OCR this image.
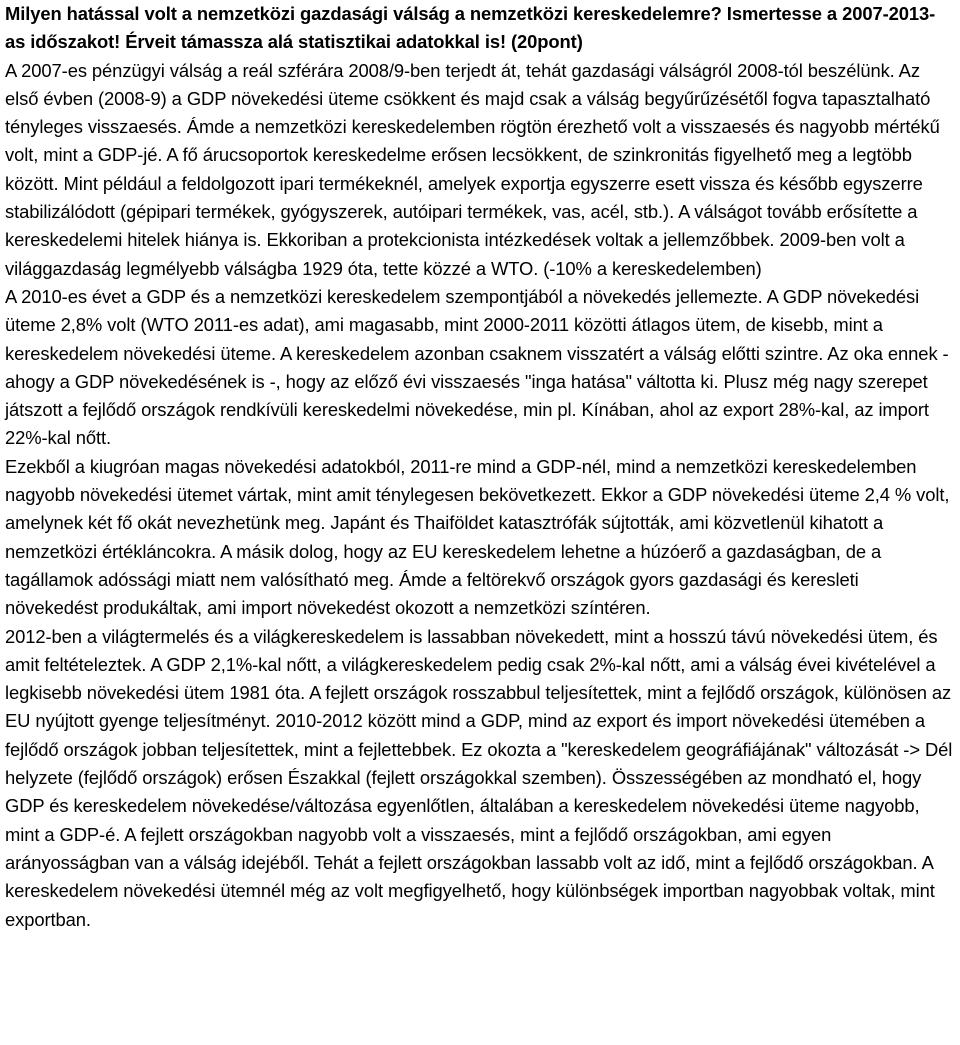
Milyen hatással volt a nemzetközi gazdasági válság a nemzetközi kereskedelemre? Ismertesse a 2007-2013-as időszakot! Érveit támassza alá statisztikai adatokkal is! (20pont)

A 2007-es pénzügyi válság a reál szférára 2008/9-ben terjedt át, tehát gazdasági válságról 2008-tól beszélünk. Az első évben (2008-9) a GDP növekedési üteme csökkent és majd csak a válság begyűrűzésétől fogva tapasztalható tényleges visszaesés. Ámde a nemzetközi kereskedelemben rögtön érezhető volt a visszaesés és nagyobb mértékű volt, mint a GDP-jé. A fő árucsoportok kereskedelme erősen lecsökkent, de szinkronitás figyelhető meg a legtöbb között. Mint például a feldolgozott ipari termékeknél, amelyek exportja egyszerre esett vissza és később egyszerre stabilizálódott (gépipari termékek, gyógyszerek, autóipari termékek, vas, acél, stb.). A válságot tovább erősítette a kereskedelemi hitelek hiánya is. Ekkoriban a protekcionista intézkedések voltak a jellemzőbbek. 2009-ben volt a világgazdaság legmélyebb válságba 1929 óta, tette közzé a WTO. (-10% a kereskedelemben)

A 2010-es évet a GDP és a nemzetközi kereskedelem szempontjából a növekedés jellemezte. A GDP növekedési üteme 2,8% volt (WTO 2011-es adat), ami magasabb, mint 2000-2011 közötti átlagos ütem, de kisebb, mint a kereskedelem növekedési üteme. A kereskedelem azonban csaknem visszatért a válság előtti szintre. Az oka ennek - ahogy a GDP növekedésének is -, hogy az előző évi visszaesés "inga hatása" váltotta ki. Plusz még nagy szerepet játszott a fejlődő országok rendkívüli kereskedelmi növekedése, min pl. Kínában, ahol az export 28%-kal, az import 22%-kal nőtt.

Ezekből a kiugróan magas növekedési adatokból, 2011-re mind a GDP-nél, mind a nemzetközi kereskedelemben nagyobb növekedési ütemet vártak, mint amit ténylegesen bekövetkezett. Ekkor a GDP növekedési üteme 2,4 % volt, amelynek két fő okát nevezhetünk meg. Japánt és Thaiföldet katasztrófák sújtották, ami közvetlenül kihatott a nemzetközi értékláncokra. A másik dolog, hogy az EU kereskedelem lehetne a húzóerő a gazdaságban, de a tagállamok adóssági miatt nem valósítható meg. Ámde a feltörekvő országok gyors gazdasági és keresleti növekedést produkáltak, ami import növekedést okozott a nemzetközi színtéren.

2012-ben a világtermelés és a világkereskedelem is lassabban növekedett, mint a hosszú távú növekedési ütem, és amit feltételeztek. A GDP 2,1%-kal nőtt, a világkereskedelem pedig csak 2%-kal nőtt, ami a válság évei kivételével a legkisebb növekedési ütem 1981 óta. A fejlett országok rosszabbul teljesítettek, mint a fejlődő országok, különösen az EU nyújtott gyenge teljesítményt. 2010-2012 között mind a GDP, mind az export és import növekedési ütemében a fejlődő országok jobban teljesítettek, mint a fejlettebbek. Ez okozta a "kereskedelem geográfiájának" változását -> Dél helyzete (fejlődő országok) erősen Északkal (fejlett országokkal szemben). Összességében az mondható el, hogy GDP és kereskedelem növekedése/változása egyenlőtlen, általában a kereskedelem növekedési üteme nagyobb, mint a GDP-é. A fejlett országokban nagyobb volt a visszaesés, mint a fejlődő országokban, ami egyen arányosságban van a válság idejéből. Tehát a fejlett országokban lassabb volt az idő, mint a fejlődő országokban. A kereskedelem növekedési ütemnél még az volt megfigyelhető, hogy különbségek importban nagyobbak voltak, mint exportban.
